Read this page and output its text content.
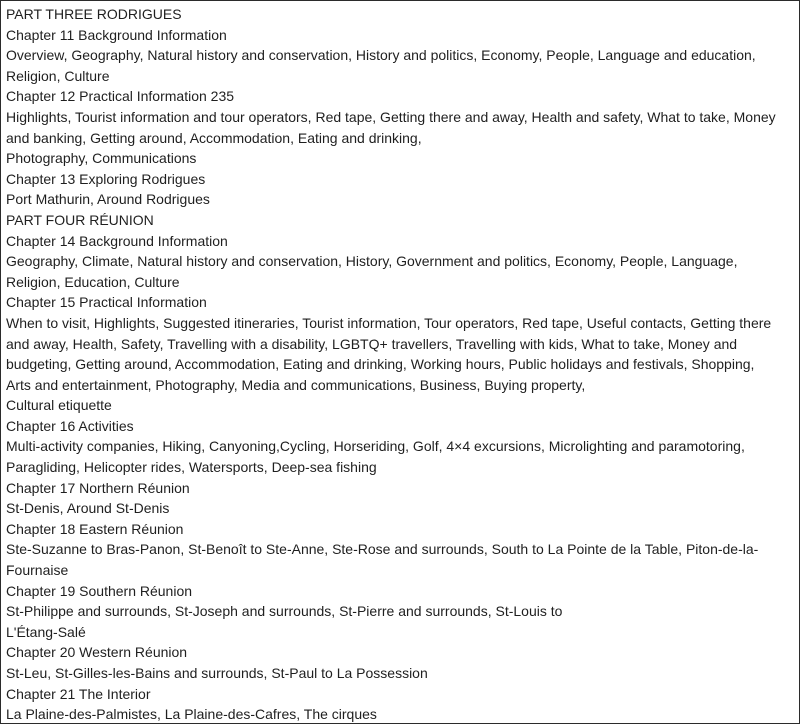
PART THREE RODRIGUES
Chapter 11 Background Information
Overview, Geography, Natural history and conservation, History and politics, Economy, People, Language and education, Religion, Culture
Chapter 12 Practical Information 235
Highlights, Tourist information and tour operators, Red tape, Getting there and away, Health and safety, What to take, Money and banking, Getting around, Accommodation, Eating and drinking,
Photography, Communications
Chapter 13 Exploring Rodrigues
Port Mathurin, Around Rodrigues
PART FOUR RÉUNION
Chapter 14 Background Information
Geography, Climate, Natural history and conservation, History, Government and politics, Economy, People, Language, Religion, Education, Culture
Chapter 15 Practical Information
When to visit, Highlights, Suggested itineraries, Tourist information, Tour operators, Red tape, Useful contacts, Getting there and away, Health, Safety, Travelling with a disability, LGBTQ+ travellers, Travelling with kids, What to take, Money and budgeting, Getting around, Accommodation, Eating and drinking, Working hours, Public holidays and festivals, Shopping,
Arts and entertainment, Photography, Media and communications, Business, Buying property,
Cultural etiquette
Chapter 16 Activities
Multi-activity companies, Hiking, Canyoning,Cycling, Horseriding, Golf, 4×4 excursions, Microlighting and paramotoring, Paragliding, Helicopter rides, Watersports, Deep-sea fishing
Chapter 17 Northern Réunion
St-Denis, Around St-Denis
Chapter 18 Eastern Réunion
Ste-Suzanne to Bras-Panon, St-Benoît to Ste-Anne, Ste-Rose and surrounds, South to La Pointe de la Table, Piton-de-la-Fournaise
Chapter 19 Southern Réunion
St-Philippe and surrounds, St-Joseph and surrounds, St-Pierre and surrounds, St-Louis to
L'Étang-Salé
Chapter 20 Western Réunion
St-Leu, St-Gilles-les-Bains and surrounds, St-Paul to La Possession
Chapter 21 The Interior
La Plaine-des-Palmistes, La Plaine-des-Cafres, The cirques
